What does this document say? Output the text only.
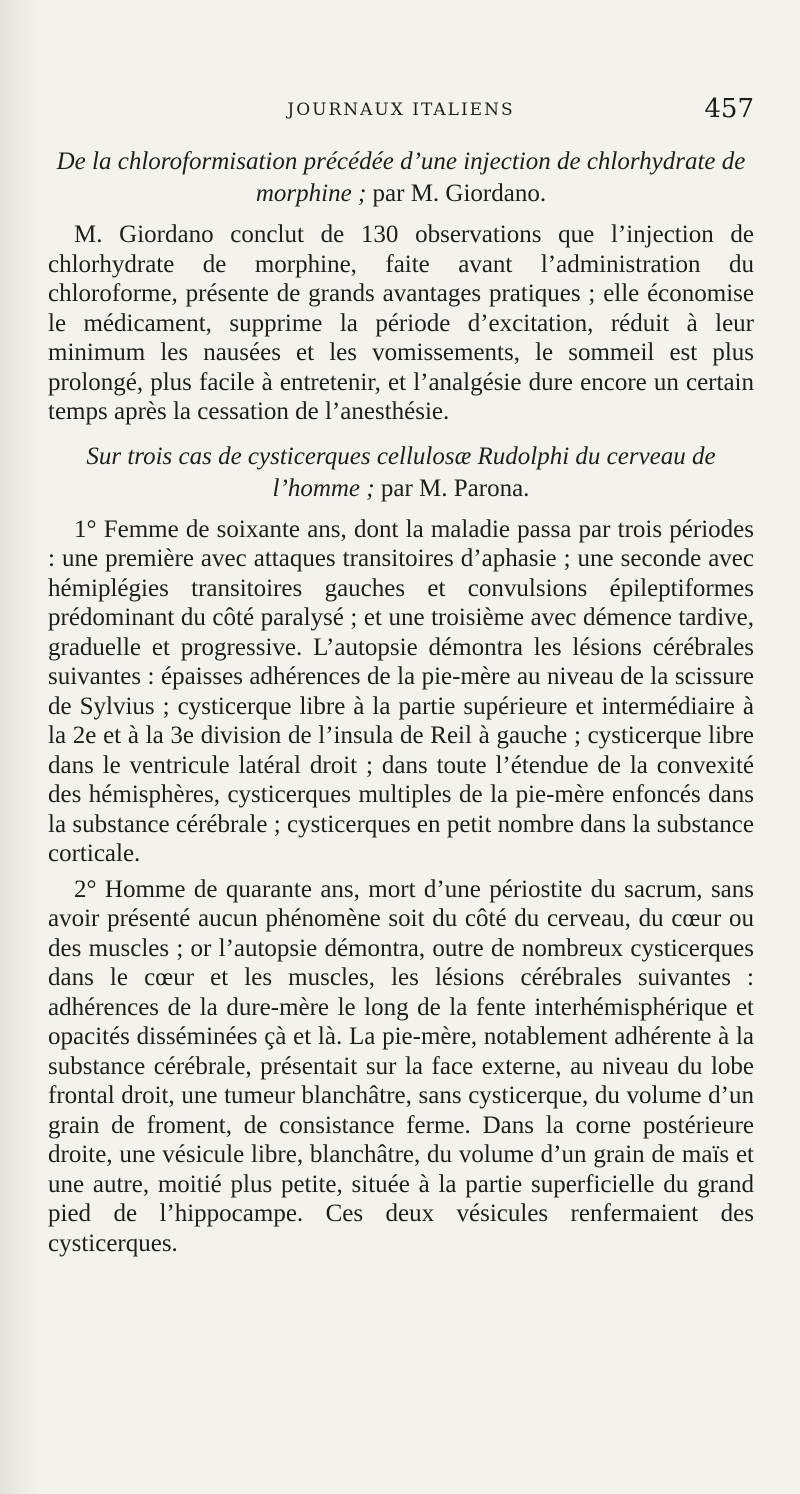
JOURNAUX ITALIENS	457
De la chloroformisation précédée d’une injection de chlorhydrate de morphine ; par M. Giordano.

M. Giordano conclut de 130 observations que l’injection de chlorhydrate de morphine, faite avant l’administration du chloroforme, présente de grands avantages pratiques ; elle économise le médicament, supprime la période d’excitation, réduit à leur minimum les nausées et les vomissements, le sommeil est plus prolongé, plus facile à entretenir, et l’analgésie dure encore un certain temps après la cessation de l’anesthésie.

Sur trois cas de cysticerques cellulosæ Rudolphi du cerveau de l’homme ; par M. Parona.

1° Femme de soixante ans, dont la maladie passa par trois périodes : une première avec attaques transitoires d’aphasie ; une seconde avec hémiplégies transitoires gauches et convulsions épileptiformes prédominant du côté paralysé ; et une troisième avec démence tardive, graduelle et progressive. L’autopsie démontra les lésions cérébrales suivantes : épaisses adhérences de la pie-mère au niveau de la scissure de Sylvius ; cysticerque libre à la partie supérieure et intermédiaire à la 2e et à la 3e division de l’insula de Reil à gauche ; cysticerque libre dans le ventricule latéral droit ; dans toute l’étendue de la convexité des hémisphères, cysticerques multiples de la pie-mère enfoncés dans la substance cérébrale ; cysticerques en petit nombre dans la substance corticale.

2° Homme de quarante ans, mort d’une périostite du sacrum, sans avoir présenté aucun phénomène soit du côté du cerveau, du cœur ou des muscles ; or l’autopsie démontra, outre de nombreux cysticerques dans le cœur et les muscles, les lésions cérébrales suivantes : adhérences de la dure-mère le long de la fente interhémisphérique et opacités disséminées çà et là. La pie-mère, notablement adhérente à la substance cérébrale, présentait sur la face externe, au niveau du lobe frontal droit, une tumeur blanchâtre, sans cysticerque, du volume d’un grain de froment, de consistance ferme. Dans la corne postérieure droite, une vésicule libre, blanchâtre, du volume d’un grain de maïs et une autre, moitié plus petite, située à la partie superficielle du grand pied de l’hippocampe. Ces deux vésicules renfermaient des cysticerques.
